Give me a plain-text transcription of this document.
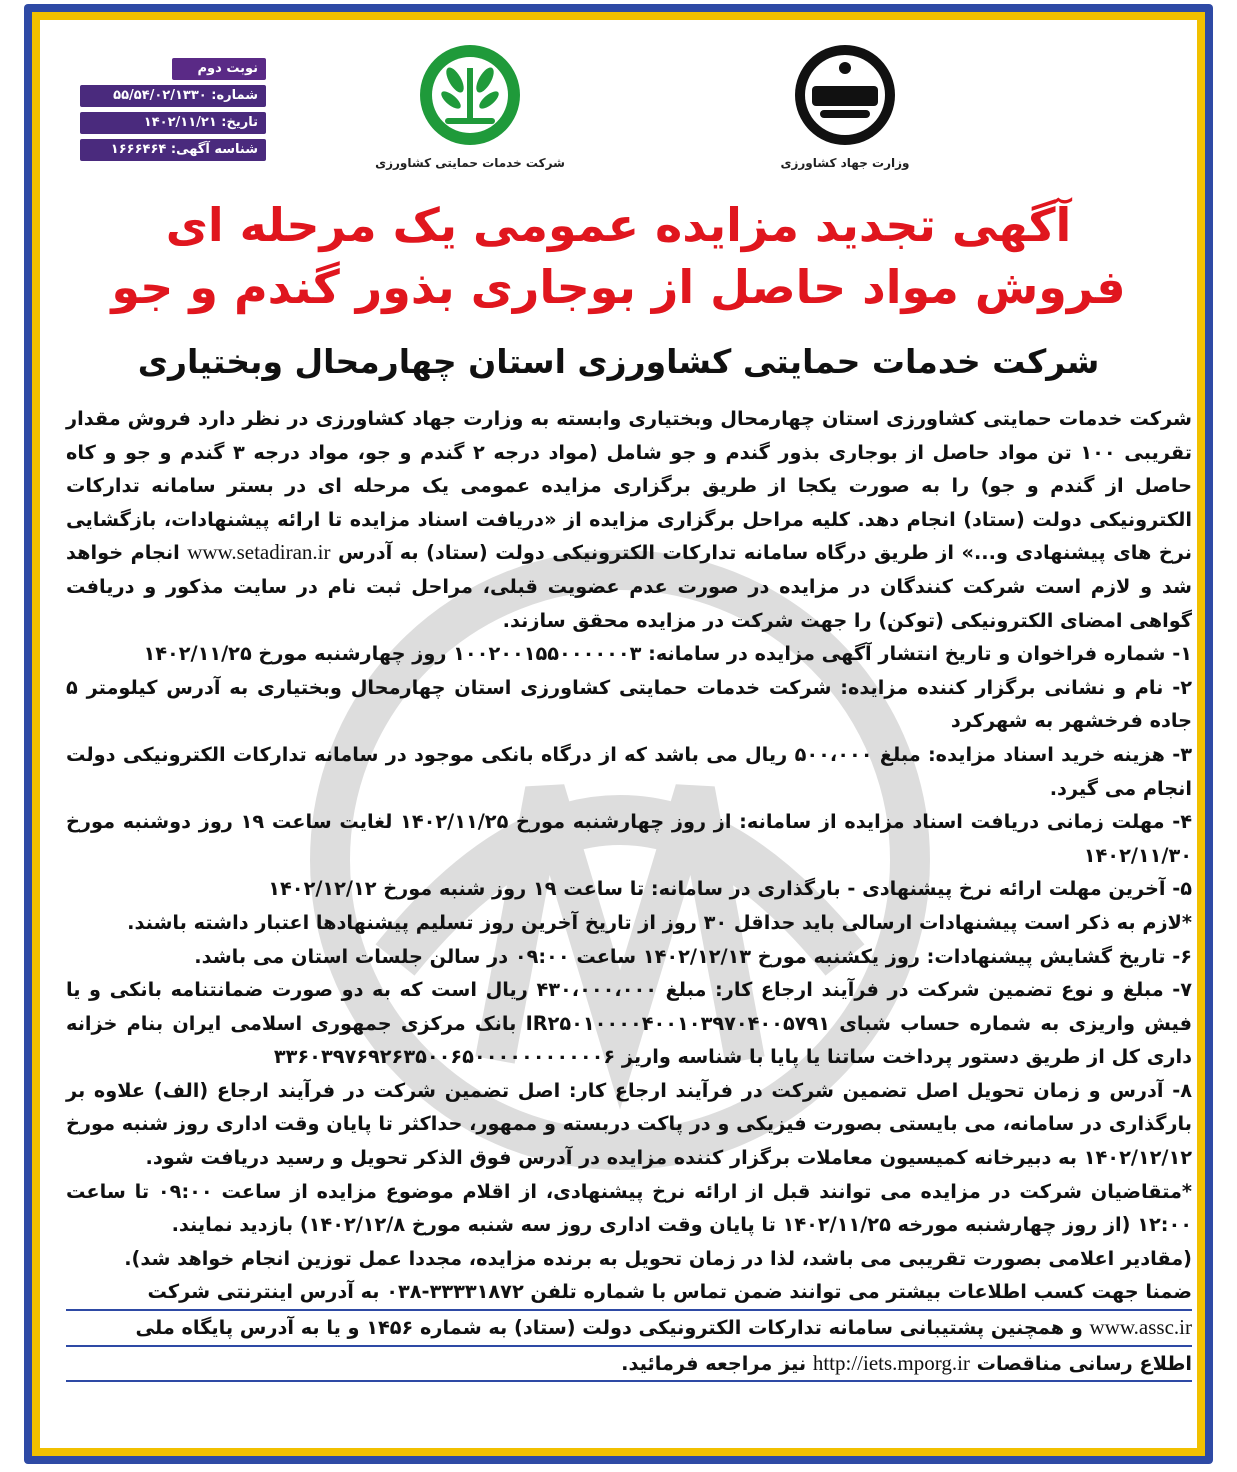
نوبت دوم
شماره: ۵۵/۵۴/۰۲/۱۳۳۰
تاریخ: ۱۴۰۲/۱۱/۲۱
شناسه آگهی: ۱۶۶۶۴۶۴
شرکت خدمات حمایتی کشاورزی	وزارت جهاد کشاورزی
آگهی تجدید مزایده عمومی یک مرحله ای
فروش مواد حاصل از بوجاری بذور گندم و جو
شرکت خدمات حمایتی کشاورزی استان چهارمحال وبختیاری

شرکت خدمات حمایتی کشاورزی استان چهارمحال وبختیاری وابسته به وزارت جهاد کشاورزی در نظر دارد فروش مقدار تقریبی ۱۰۰ تن مواد حاصل از بوجاری بذور گندم و جو شامل (مواد درجه ۲ گندم و جو، مواد درجه ۳ گندم و جو و کاه حاصل از گندم و جو) را به صورت یکجا از طریق برگزاری مزایده عمومی یک مرحله ای در بستر سامانه تدارکات الکترونیکی دولت (ستاد) انجام دهد. کلیه مراحل برگزاری مزایده از «دریافت اسناد مزایده تا ارائه پیشنهادات، بازگشایی نرخ های پیشنهادی و...» از طریق درگاه سامانه تدارکات الکترونیکی دولت (ستاد) به آدرس www.setadiran.ir انجام خواهد شد و لازم است شرکت کنندگان در مزایده در صورت عدم عضویت قبلی، مراحل ثبت نام در سایت مذکور و دریافت گواهی امضای الکترونیکی (توکن) را جهت شرکت در مزایده محقق سازند.

۱- شماره فراخوان و تاریخ انتشار آگهی مزایده در سامانه: ۱۰۰۲۰۰۱۵۵۰۰۰۰۰۰۳ روز چهارشنبه مورخ ۱۴۰۲/۱۱/۲۵

۲- نام و نشانی برگزار کننده مزایده: شرکت خدمات حمایتی کشاورزی استان چهارمحال وبختیاری به آدرس کیلومتر ۵ جاده فرخشهر به شهرکرد

۳- هزینه خرید اسناد مزایده: مبلغ ۵۰۰،۰۰۰ ریال می باشد که از درگاه بانکی موجود در سامانه تدارکات الکترونیکی دولت انجام می گیرد.

۴- مهلت زمانی دریافت اسناد مزایده از سامانه: از روز چهارشنبه مورخ ۱۴۰۲/۱۱/۲۵ لغایت ساعت ۱۹ روز دوشنبه مورخ ۱۴۰۲/۱۱/۳۰

۵- آخرین مهلت ارائه نرخ پیشنهادی - بارگذاری در سامانه: تا ساعت ۱۹ روز شنبه مورخ ۱۴۰۲/۱۲/۱۲

*لازم به ذکر است پیشنهادات ارسالی باید حداقل ۳۰ روز از تاریخ آخرین روز تسلیم پیشنهادها اعتبار داشته باشند.

۶- تاریخ گشایش پیشنهادات: روز یکشنبه مورخ ۱۴۰۲/۱۲/۱۳ ساعت ۰۹:۰۰ در سالن جلسات استان می باشد.

۷- مبلغ و نوع تضمین شرکت در فرآیند ارجاع کار: مبلغ ۴۳۰،۰۰۰،۰۰۰ ریال است که به دو صورت ضمانتنامه بانکی و یا فیش واریزی به شماره حساب شبای IR۲۵۰۱۰۰۰۰۴۰۰۱۰۳۹۷۰۴۰۰۵۷۹۱ بانک مرکزی جمهوری اسلامی ایران بنام خزانه داری کل از طریق دستور پرداخت ساتنا یا پایا با شناسه واریز ۳۳۶۰۳۹۷۶۹۲۶۳۵۰۰۶۵۰۰۰۰۰۰۰۰۰۰۰۶

۸- آدرس و زمان تحویل اصل تضمین شرکت در فرآیند ارجاع کار: اصل تضمین شرکت در فرآیند ارجاع (الف) علاوه بر بارگذاری در سامانه، می بایستی بصورت فیزیکی و در پاکت دربسته و ممهور، حداکثر تا پایان وقت اداری روز شنبه مورخ ۱۴۰۲/۱۲/۱۲ به دبیرخانه کمیسیون معاملات برگزار کننده مزایده در آدرس فوق الذکر تحویل و رسید دریافت شود.

*متقاضیان شرکت در مزایده می توانند قبل از ارائه نرخ پیشنهادی، از اقلام موضوع مزایده از ساعت ۰۹:۰۰ تا ساعت ۱۲:۰۰ (از روز چهارشنبه مورخه ۱۴۰۲/۱۱/۲۵ تا پایان وقت اداری روز سه شنبه مورخ ۱۴۰۲/۱۲/۸) بازدید نمایند.

(مقادیر اعلامی بصورت تقریبی می باشد، لذا در زمان تحویل به برنده مزایده، مجددا عمل توزین انجام خواهد شد).

ضمنا جهت کسب اطلاعات بیشتر می توانند ضمن تماس با شماره تلفن ۳۳۳۳۱۸۷۲-۰۳۸ به آدرس اینترنتی شرکت

www.assc.ir و همچنین پشتیبانی سامانه تدارکات الکترونیکی دولت (ستاد) به شماره ۱۴۵۶ و یا به آدرس پایگاه ملی

اطلاع رسانی مناقصات http://iets.mporg.ir نیز مراجعه فرمائید.
